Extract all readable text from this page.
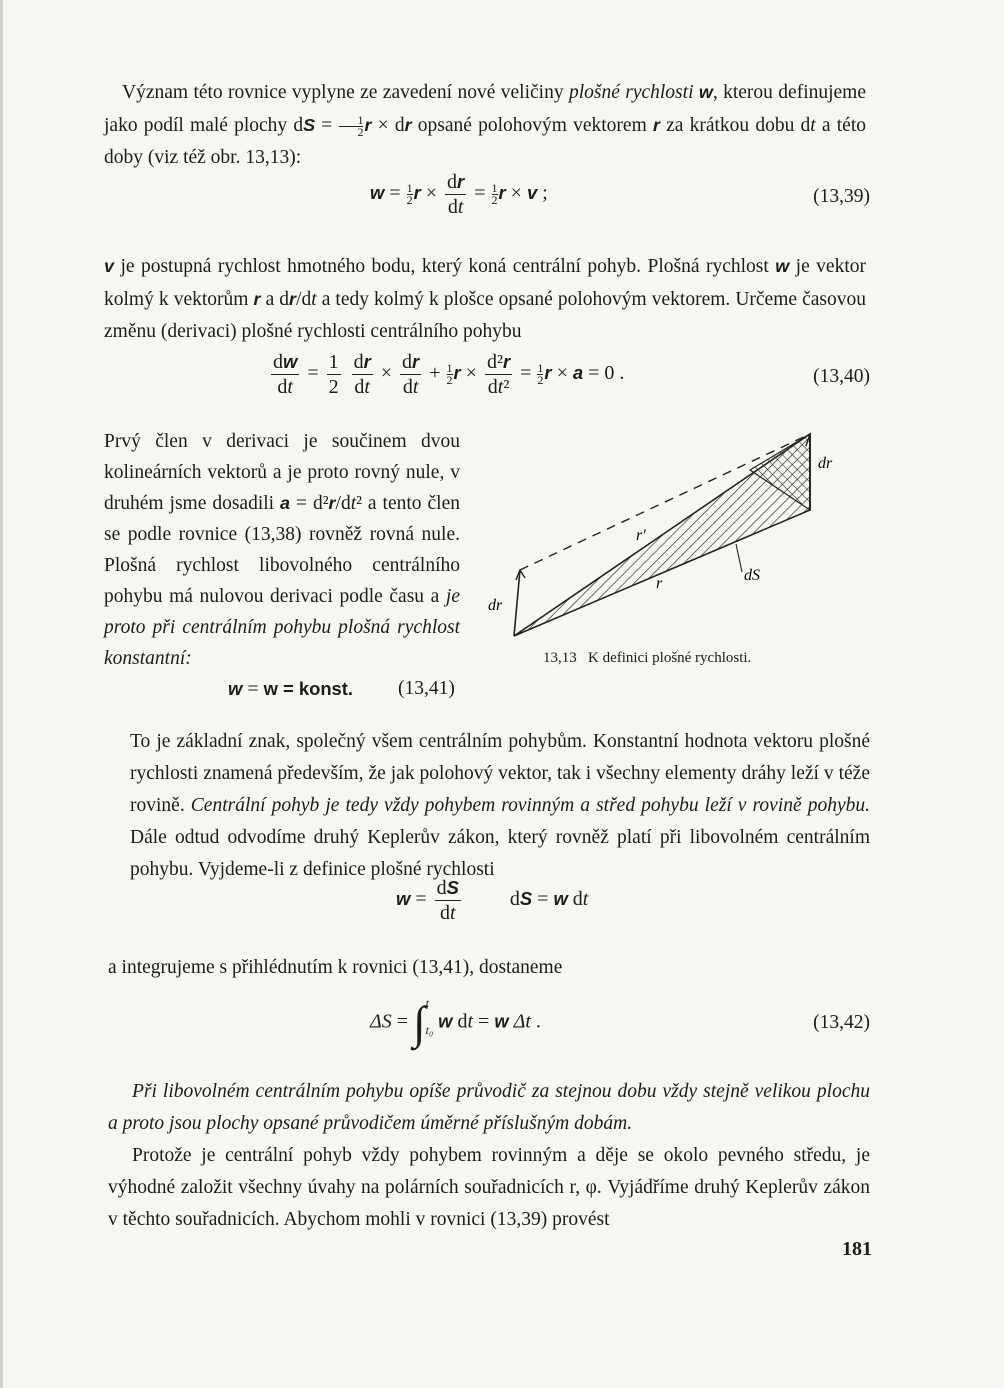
Význam této rovnice vyplyne ze zavedení nové veličiny plošné rychlosti w, kterou definujeme jako podíl malé plochy dS = $\frac{1}{2}$ r × dr opsané polohovým vektorem r za krátkou dobu dt a této doby (viz též obr. 13,13):

$w = \frac{1}{2}$ $r \times \frac{dr}{dt} = \frac{1}{2}$ r × v ;	(13,39)

v je postupná rychlost hmotného bodu, který koná centrální pohyb. Plošná rychlost w je vektor kolmý k vektorům r a dr/dt a tedy kolmý k plošce opsané polohovým vektorem. Určeme časovou změnu (derivaci) plošné rychlosti centrálního pohybu

$\frac{dw}{dt} = \frac{1}{2}$
$\frac{dr}{dt} \times \frac{dr}{dt} + \frac{1}{2}$ $r \times \frac{\text{d²r}}{\text{dt²}} = \frac{1}{2}$ r × a = 0 .	(13,40)

Prvý člen v derivaci je součinem dvou kolineárních vektorů a je proto rovný nule, v druhém jsme dosadili a = d²r/dt² a tento člen se podle rovnice (13,38) rovněž rovná nule. Plošná rychlost libovolného centrálního pohybu má nulovou derivaci podle času a je proto při centrálním pohybu plošná rychlost konstantní:

w = w = konst. (13,41)
dr
r'
r	dS
dr
13,13   K definici plošné rychlosti.

To je základní znak, společný všem centrálním pohybům. Konstantní hodnota vektoru plošné rychlosti znamená především, že jak polohový vektor, tak i všechny elementy dráhy leží v téže rovině. Centrální pohyb je tedy vždy pohybem rovinným a střed pohybu leží v rovině pohybu. Dále odtud odvodíme druhý Keplerův zákon, který rovněž platí při libovolném centrálním pohybu. Vyjdeme-li z definice plošné rychlosti

$w = \frac{dS}{dt}$ dS = w dt

a integrujeme s přihlédnutím k rovnici (13,41), dostaneme

ΔS = ∫ t
t₀ w dt = w Δt .	(13,42)

Při libovolném centrálním pohybu opíše průvodič za stejnou dobu vždy stejně velikou plochu a proto jsou plochy opsané průvodičem úměrné příslušným dobám.

Protože je centrální pohyb vždy pohybem rovinným a děje se okolo pevného středu, je výhodné založit všechny úvahy na polárních souřadnicích r, φ. Vyjádříme druhý Keplerův zákon v těchto souřadnicích. Abychom mohli v rovnici (13,39) provést

181
